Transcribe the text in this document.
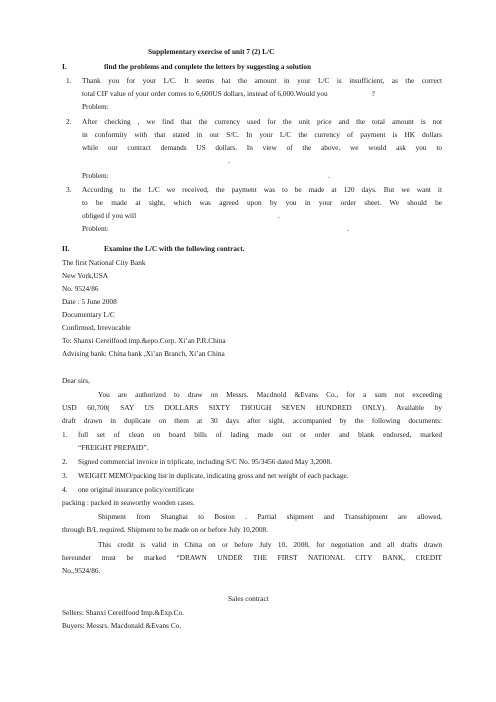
Supplementary exercise of unit 7 (2) L/C
I.	find the problems and complete the letters by suggesting a solution
1. Thank you for your L/C. It seems hat the amount in your L/C is insufficient, as the correct
total CIF value of your order comes to 6,600US dollars, instead of 6,000.Would you	?
Problem:
2. After checking , we find that the currency used for the unit price and the total amount is not
in conformity with that stated in our S/C. In your L/C the currency of payment is HK dollars
while our contract demands US dollars. In view of the above, we would ask you to
.
Problem:	.
3. According to the L/C we received, the payment was to be made at 120 days. But we want it
to be made at sight, which was agreed upon by you in your order sheet. We should be
obliged if you will	.
Problem:	.
II.	Examine the L/C with the following contract.
The first National City Bank
New York,USA
No. 9524/86
Date : 5 June 2008
Documentary L/C
Confirmed, Irrevocable
To: Shanxi Cereilfood imp.&epo.Corp. Xi’an P.R.China
Advising bank: China bank ,Xi’an Branch, Xi’an China
Dear sirs,
You are authorized to draw on Messrs. Macdnold &Evans Co., for a sum not exceeding
USD 60,700( SAY US DOLLARS SIXTY THOUGH SEVEN HUNDRED ONLY). Available by
draft drawn in duplicate on them at 30 days after sight, accompanied by the following documents:
1. full set of clean on board bills of lading made out ot order and blank endorsed, marked
“FREIGHT PREPAID”.
2. Signed commercial invoice in triplicate, including S/C No. 95/3456 dated May 3,2008.
3. WEIGHT MEMO/packing list in duplicate, indicating gross and net weight of each package.
4. one original insurance policy/certificate
packing : packed in seaworthy wooden cases.
Shipment from Shanghai to Boston . Partial shipment and Transshipment are allowed,
through B/L required. Shipment to be made on or before July 10,2008.
This credit is valid in China on or before July 10, 2008, for negotiation and all drafts drawn
hereunder must be marked “DRAWN UNDER THE FIRST NATIONAL CITY BANK, CREDIT
No.,9524/86.
Sales contract
Sellers: Shanxi Cereilfood Imp.&Exp.Co.
Buyers: Messrs. Macdonald &Evans Co.
